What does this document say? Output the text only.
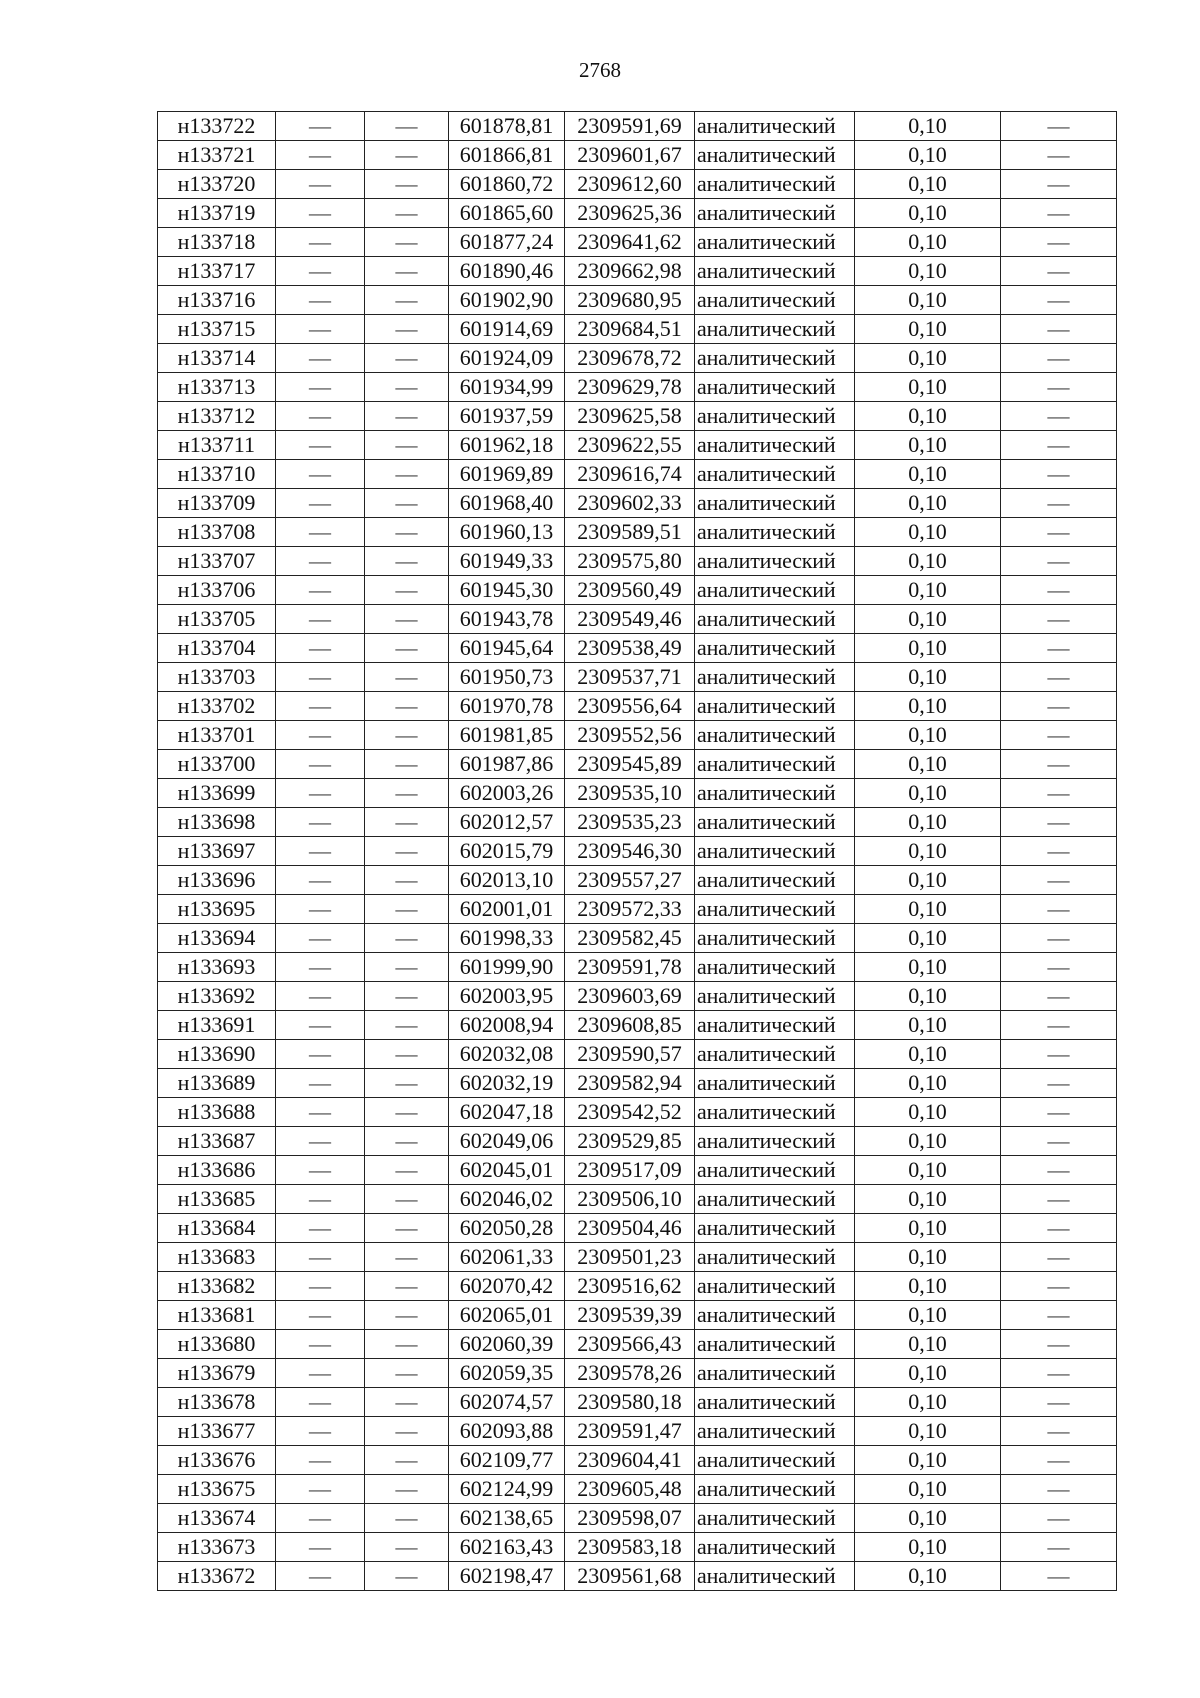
2768
н133722	—	—	601878,81	2309591,69	аналитический	0,10	—
н133721	—	—	601866,81	2309601,67	аналитический	0,10	—
н133720	—	—	601860,72	2309612,60	аналитический	0,10	—
н133719	—	—	601865,60	2309625,36	аналитический	0,10	—
н133718	—	—	601877,24	2309641,62	аналитический	0,10	—
н133717	—	—	601890,46	2309662,98	аналитический	0,10	—
н133716	—	—	601902,90	2309680,95	аналитический	0,10	—
н133715	—	—	601914,69	2309684,51	аналитический	0,10	—
н133714	—	—	601924,09	2309678,72	аналитический	0,10	—
н133713	—	—	601934,99	2309629,78	аналитический	0,10	—
н133712	—	—	601937,59	2309625,58	аналитический	0,10	—
н133711	—	—	601962,18	2309622,55	аналитический	0,10	—
н133710	—	—	601969,89	2309616,74	аналитический	0,10	—
н133709	—	—	601968,40	2309602,33	аналитический	0,10	—
н133708	—	—	601960,13	2309589,51	аналитический	0,10	—
н133707	—	—	601949,33	2309575,80	аналитический	0,10	—
н133706	—	—	601945,30	2309560,49	аналитический	0,10	—
н133705	—	—	601943,78	2309549,46	аналитический	0,10	—
н133704	—	—	601945,64	2309538,49	аналитический	0,10	—
н133703	—	—	601950,73	2309537,71	аналитический	0,10	—
н133702	—	—	601970,78	2309556,64	аналитический	0,10	—
н133701	—	—	601981,85	2309552,56	аналитический	0,10	—
н133700	—	—	601987,86	2309545,89	аналитический	0,10	—
н133699	—	—	602003,26	2309535,10	аналитический	0,10	—
н133698	—	—	602012,57	2309535,23	аналитический	0,10	—
н133697	—	—	602015,79	2309546,30	аналитический	0,10	—
н133696	—	—	602013,10	2309557,27	аналитический	0,10	—
н133695	—	—	602001,01	2309572,33	аналитический	0,10	—
н133694	—	—	601998,33	2309582,45	аналитический	0,10	—
н133693	—	—	601999,90	2309591,78	аналитический	0,10	—
н133692	—	—	602003,95	2309603,69	аналитический	0,10	—
н133691	—	—	602008,94	2309608,85	аналитический	0,10	—
н133690	—	—	602032,08	2309590,57	аналитический	0,10	—
н133689	—	—	602032,19	2309582,94	аналитический	0,10	—
н133688	—	—	602047,18	2309542,52	аналитический	0,10	—
н133687	—	—	602049,06	2309529,85	аналитический	0,10	—
н133686	—	—	602045,01	2309517,09	аналитический	0,10	—
н133685	—	—	602046,02	2309506,10	аналитический	0,10	—
н133684	—	—	602050,28	2309504,46	аналитический	0,10	—
н133683	—	—	602061,33	2309501,23	аналитический	0,10	—
н133682	—	—	602070,42	2309516,62	аналитический	0,10	—
н133681	—	—	602065,01	2309539,39	аналитический	0,10	—
н133680	—	—	602060,39	2309566,43	аналитический	0,10	—
н133679	—	—	602059,35	2309578,26	аналитический	0,10	—
н133678	—	—	602074,57	2309580,18	аналитический	0,10	—
н133677	—	—	602093,88	2309591,47	аналитический	0,10	—
н133676	—	—	602109,77	2309604,41	аналитический	0,10	—
н133675	—	—	602124,99	2309605,48	аналитический	0,10	—
н133674	—	—	602138,65	2309598,07	аналитический	0,10	—
н133673	—	—	602163,43	2309583,18	аналитический	0,10	—
н133672	—	—	602198,47	2309561,68	аналитический	0,10	—
